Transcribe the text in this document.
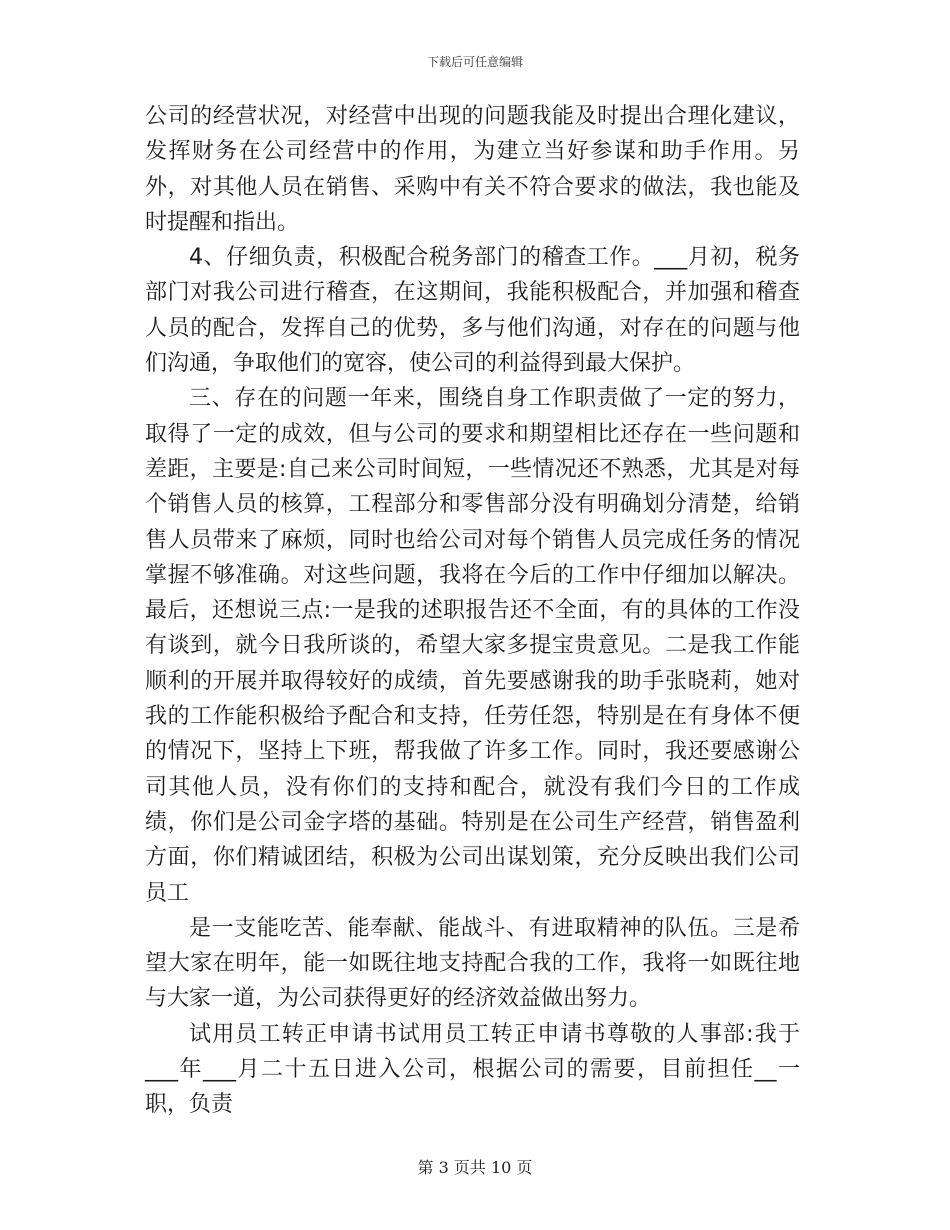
下载后可任意编辑

公司的经营状况，对经营中出现的问题我能及时提出合理化建议，发挥财务在公司经营中的作用，为建立当好参谋和助手作用。另外，对其他人员在销售、采购中有关不符合要求的做法，我也能及时提醒和指出。

4、仔细负责，积极配合税务部门的稽查工作。___月初，税务部门对我公司进行稽查，在这期间，我能积极配合，并加强和稽查人员的配合，发挥自己的优势，多与他们沟通，对存在的问题与他们沟通，争取他们的宽容，使公司的利益得到最大保护。

三、存在的问题一年来，围绕自身工作职责做了一定的努力，取得了一定的成效，但与公司的要求和期望相比还存在一些问题和差距，主要是:自己来公司时间短，一些情况还不熟悉，尤其是对每个销售人员的核算，工程部分和零售部分没有明确划分清楚，给销售人员带来了麻烦，同时也给公司对每个销售人员完成任务的情况掌握不够准确。对这些问题，我将在今后的工作中仔细加以解决。最后，还想说三点:一是我的述职报告还不全面，有的具体的工作没有谈到，就今日我所谈的，希望大家多提宝贵意见。二是我工作能顺利的开展并取得较好的成绩，首先要感谢我的助手张晓莉，她对我的工作能积极给予配合和支持，任劳任怨，特别是在有身体不便的情况下，坚持上下班，帮我做了许多工作。同时，我还要感谢公司其他人员，没有你们的支持和配合，就没有我们今日的工作成绩，你们是公司金字塔的基础。特别是在公司生产经营，销售盈利方面，你们精诚团结，积极为公司出谋划策，充分反映出我们公司员工

是一支能吃苦、能奉献、能战斗、有进取精神的队伍。三是希望大家在明年，能一如既往地支持配合我的工作，我将一如既往地与大家一道，为公司获得更好的经济效益做出努力。

试用员工转正申请书试用员工转正申请书尊敬的人事部:我于___年___月二十五日进入公司，根据公司的需要，目前担任__一职，负责

第 3 页共 10 页
